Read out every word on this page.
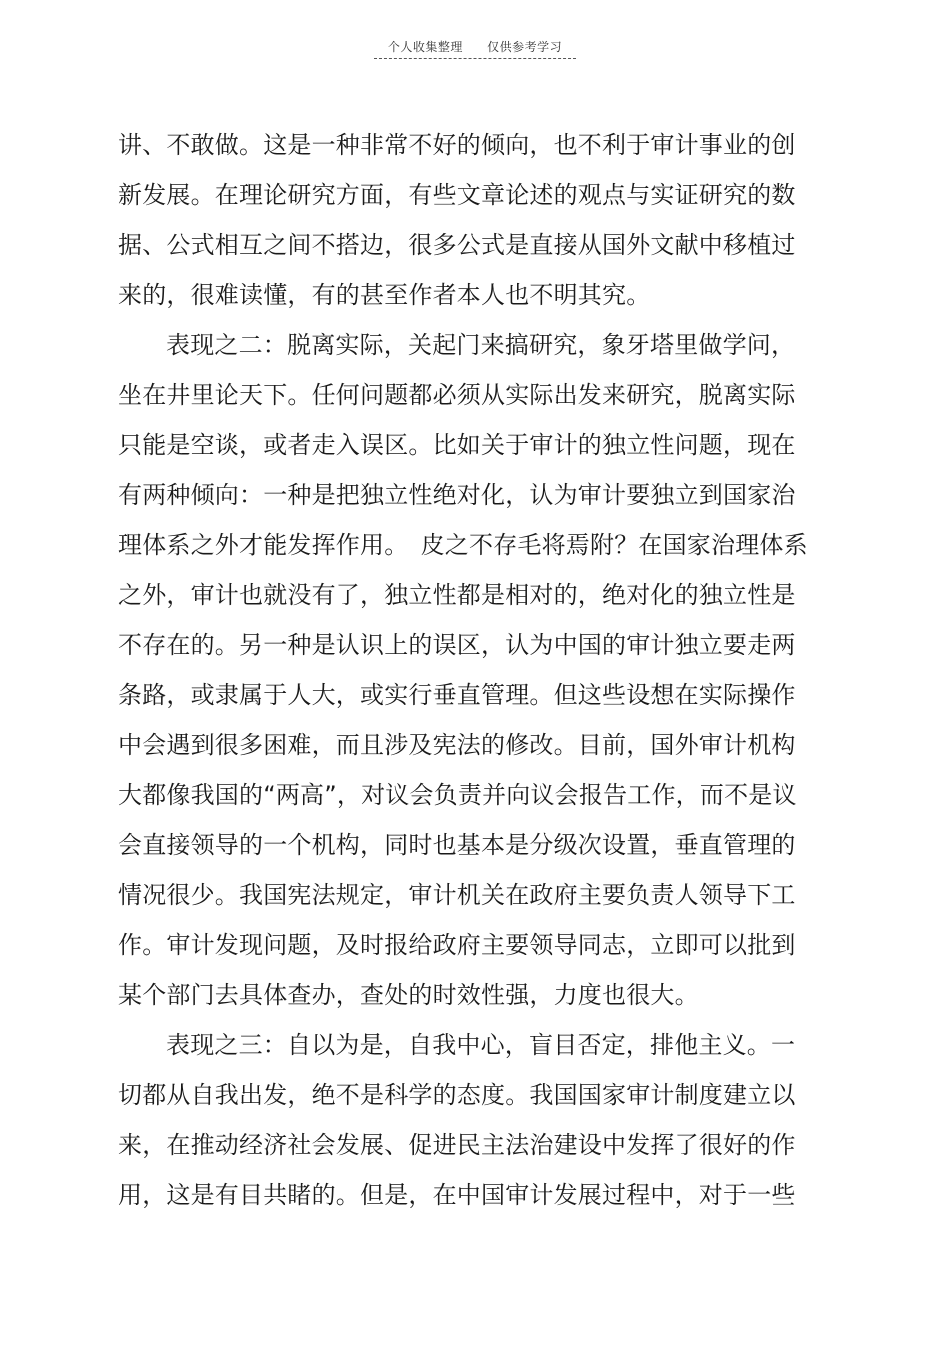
个人收集整理 仅供参考学习
讲、不敢做。这是一种非常不好的倾向，也不利于审计事业的创
新发展。在理论研究方面，有些文章论述的观点与实证研究的数
据、公式相互之间不搭边，很多公式是直接从国外文献中移植过
来的，很难读懂，有的甚至作者本人也不明其究。
表现之二：脱离实际，关起门来搞研究，象牙塔里做学问，
坐在井里论天下。任何问题都必须从实际出发来研究，脱离实际
只能是空谈，或者走入误区。比如关于审计的独立性问题，现在
有两种倾向：一种是把独立性绝对化，认为审计要独立到国家治
理体系之外才能发挥作用。　皮之不存毛将焉附？在国家治理体系
之外，审计也就没有了，独立性都是相对的，绝对化的独立性是
不存在的。另一种是认识上的误区，认为中国的审计独立要走两
条路，或隶属于人大，或实行垂直管理。但这些设想在实际操作
中会遇到很多困难，而且涉及宪法的修改。目前，国外审计机构
大都像我国的“两高”，对议会负责并向议会报告工作，而不是议
会直接领导的一个机构，同时也基本是分级次设置，垂直管理的
情况很少。我国宪法规定，审计机关在政府主要负责人领导下工
作。审计发现问题，及时报给政府主要领导同志，立即可以批到
某个部门去具体查办，查处的时效性强，力度也很大。
表现之三：自以为是，自我中心，盲目否定，排他主义。一
切都从自我出发，绝不是科学的态度。我国国家审计制度建立以
来，在推动经济社会发展、促进民主法治建设中发挥了很好的作
用，这是有目共睹的。但是，在中国审计发展过程中，对于一些
